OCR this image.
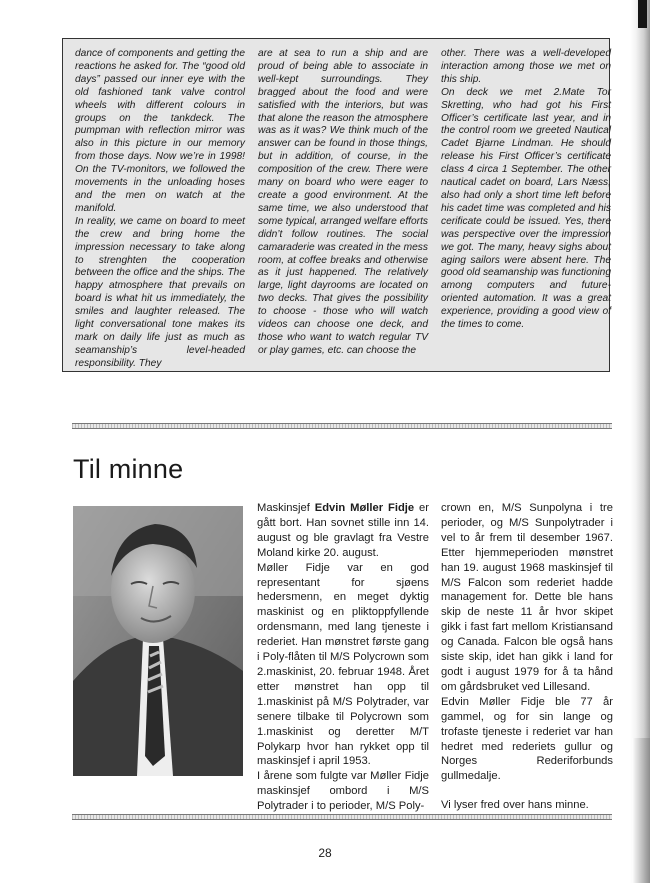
dance of components and getting the reactions he asked for. The “good old days” passed our inner eye with the old fashioned tank valve control wheels with different colours in groups on the tankdeck. The pumpman with reflection mirror was also in this picture in our memory from those days. Now we’re in 1998! On the TV-monitors, we followed the movements in the unloading hoses and the men on watch at the manifold.

In reality, we came on board to meet the crew and bring home the impression necessary to take along to strenghten the cooperation between the office and the ships. The happy atmosphere that prevails on board is what hit us immediately, the smiles and laughter released. The light conversational tone makes its mark on daily life just as much as seamanship’s level-headed responsibility. They

are at sea to run a ship and are proud of being able to associate in well-kept surroundings. They bragged about the food and were satisfied with the interiors, but was that alone the reason the atmosphere was as it was? We think much of the answer can be found in those things, but in addition, of course, in the composition of the crew. There were many on board who were eager to create a good environment. At the same time, we also understood that some typical, arranged welfare efforts didn’t follow routines. The social camaraderie was created in the mess room, at coffee breaks and otherwise as it just happened. The relatively large, light dayrooms are located on two decks. That gives the possibility to choose - those who will watch videos can choose one deck, and those who want to watch regular TV or play games, etc. can choose the

other. There was a well-developed interaction among those we met on this ship.

On deck we met 2.Mate Tor Skretting, who had got his First Officer’s certificate last year, and in the control room we greeted Nautical Cadet Bjarne Lindman. He should release his First Officer’s certificate class 4 circa 1 September. The other nautical cadet on board, Lars Næss, also had only a short time left before his cadet time was completed and his cerificate could be issued. Yes, there was perspective over the impression we got. The many, heavy sighs about aging sailors were absent here. The good old seamanship was functioning among computers and future-oriented automation. It was a great experience, providing a good view of the times to come.

Til minne

Maskinsjef Edvin Møller Fidje er gått bort. Han sovnet stille inn 14. august og ble gravlagt fra Vestre Moland kirke 20. august.

Møller Fidje var en god representant for sjøens hedersmenn, en meget dyktig maskinist og en pliktoppfyllende ordensmann, med lang tjeneste i rederiet. Han mønstret første gang i Poly-flåten til M/S Polycrown som 2.maskinist, 20. februar 1948. Året etter mønstret han opp til 1.maskinist på M/S Polytrader, var senere tilbake til Polycrown som 1.maskinist og deretter M/T Polykarp hvor han rykket opp til maskinsjef i april 1953.

I årene som fulgte var Møller Fidje maskinsjef ombord i M/S Polytrader i to perioder, M/S Poly-

crown en, M/S Sunpolyna i tre perioder, og M/S Sunpolytrader i vel to år frem til desember 1967. Etter hjemmeperioden mønstret han 19. august 1968 maskinsjef til M/S Falcon som rederiet hadde management for. Dette ble hans skip de neste 11 år hvor skipet gikk i fast fart mellom Kristiansand og Canada. Falcon ble også hans siste skip, idet han gikk i land for godt i august 1979 for å ta hånd om gårdsbruket ved Lillesand.

Edvin Møller Fidje ble 77 år gammel, og for sin lange og trofaste tjeneste i rederiet var han hedret med rederiets gullur og Norges Rederiforbunds gullmedalje.

Vi lyser fred over hans minne.

28
